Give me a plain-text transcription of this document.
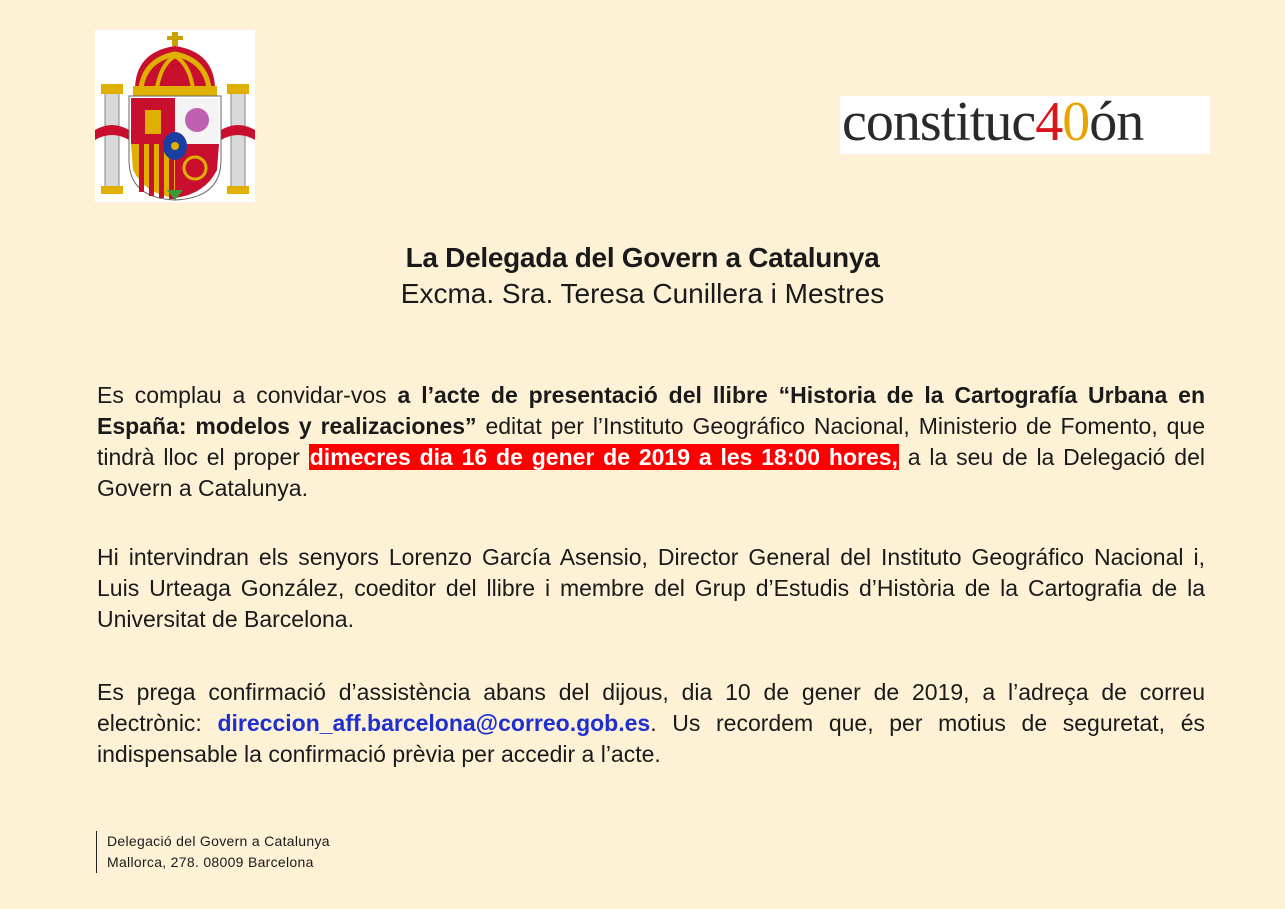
constituc40ón
La Delegada del Govern a Catalunya
Excma. Sra. Teresa Cunillera i Mestres
Es complau a convidar-vos a l’acte de presentació del llibre “Historia de la Cartografía Urbana en España: modelos y realizaciones” editat per l’Instituto Geográfico Nacional, Ministerio de Fomento, que tindrà lloc el proper dimecres dia 16 de gener de 2019 a les 18:00 hores, a la seu de la Delegació del Govern a Catalunya.
Hi intervindran els senyors Lorenzo García Asensio, Director General del Instituto Geográfico Nacional i, Luis Urteaga González, coeditor del llibre i membre del Grup d’Estudis d’Història de la Cartografia de la Universitat de Barcelona.
Es prega confirmació d’assistència abans del dijous, dia 10 de gener de 2019, a l’adreça de correu electrònic: direccion_aff.barcelona@correo.gob.es. Us recordem que, per motius de seguretat, és indispensable la confirmació prèvia per accedir a l’acte.
Delegació del Govern a Catalunya
Mallorca, 278. 08009 Barcelona
